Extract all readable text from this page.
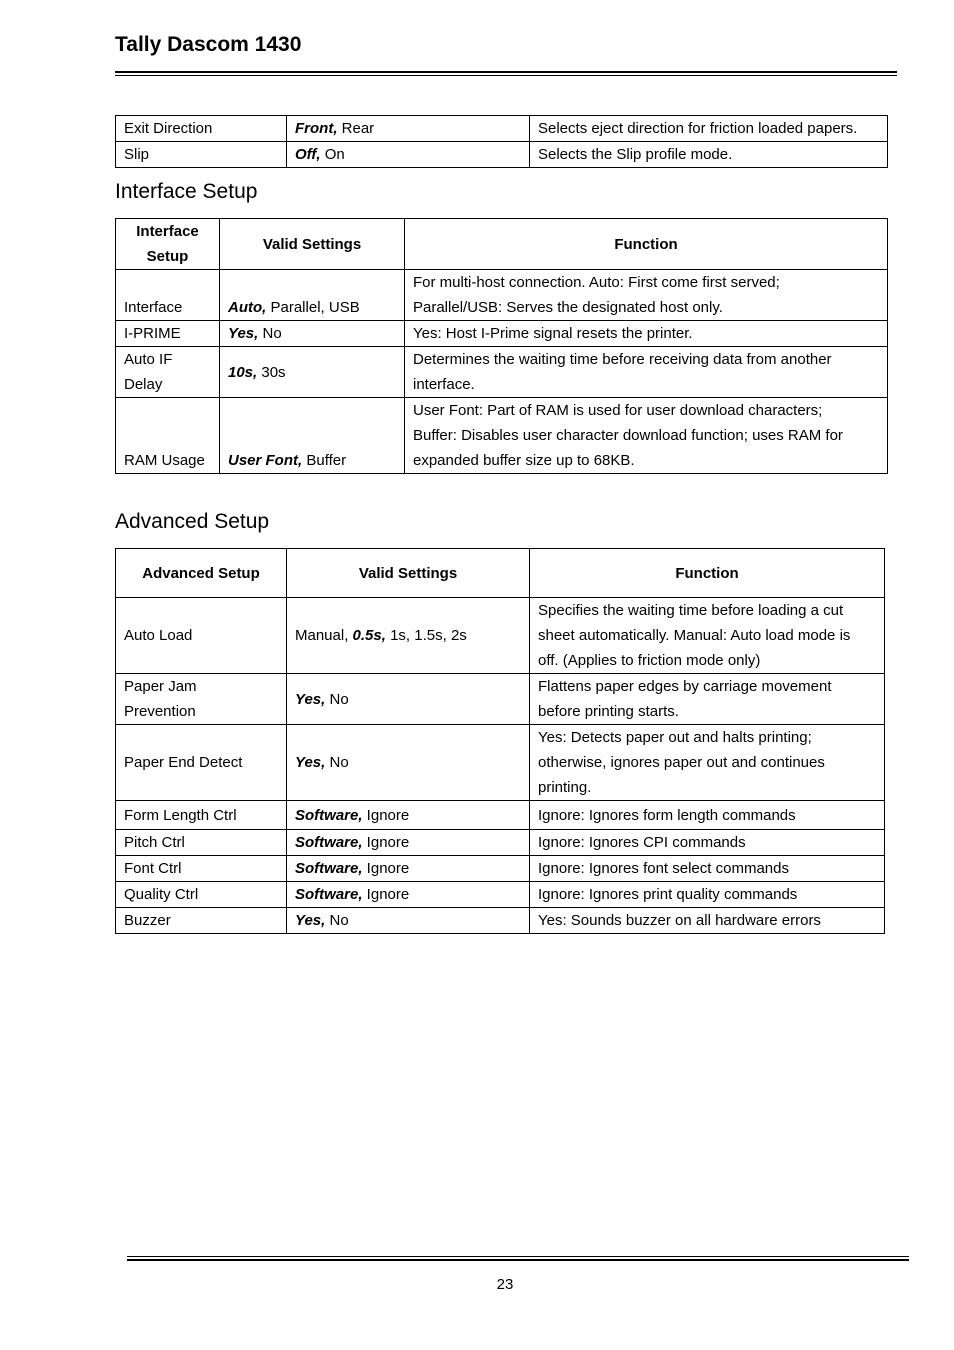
Tally Dascom 1430
Exit Direction	Front, Rear	Selects eject direction for friction loaded papers.
Slip	Off, On	Selects the Slip profile mode.
Interface Setup
Interface
Setup	Valid Settings	Function
Interface	Auto, Parallel, USB	For multi-host connection. Auto: First come first served;
Parallel/USB: Serves the designated host only.
I-PRIME	Yes, No	Yes: Host I-Prime signal resets the printer.
Auto IF
Delay	10s, 30s	Determines the waiting time before receiving data from another
interface.
RAM Usage	User Font, Buffer	User Font: Part of RAM is used for user download characters;
Buffer: Disables user character download function; uses RAM for
expanded buffer size up to 68KB.
Advanced Setup
Advanced Setup	Valid Settings	Function
Auto Load	Manual, 0.5s, 1s, 1.5s, 2s	Specifies the waiting time before loading a cut
sheet automatically. Manual: Auto load mode is
off. (Applies to friction mode only)
Paper Jam
Prevention	Yes, No	Flattens paper edges by carriage movement
before printing starts.
Paper End Detect	Yes, No	Yes: Detects paper out and halts printing;
otherwise, ignores paper out and continues
printing.
Form Length Ctrl	Software, Ignore	Ignore: Ignores form length commands
Pitch Ctrl	Software, Ignore	Ignore: Ignores CPI commands
Font Ctrl	Software, Ignore	Ignore: Ignores font select commands
Quality Ctrl	Software, Ignore	Ignore: Ignores print quality commands
Buzzer	Yes, No	Yes: Sounds buzzer on all hardware errors
23
